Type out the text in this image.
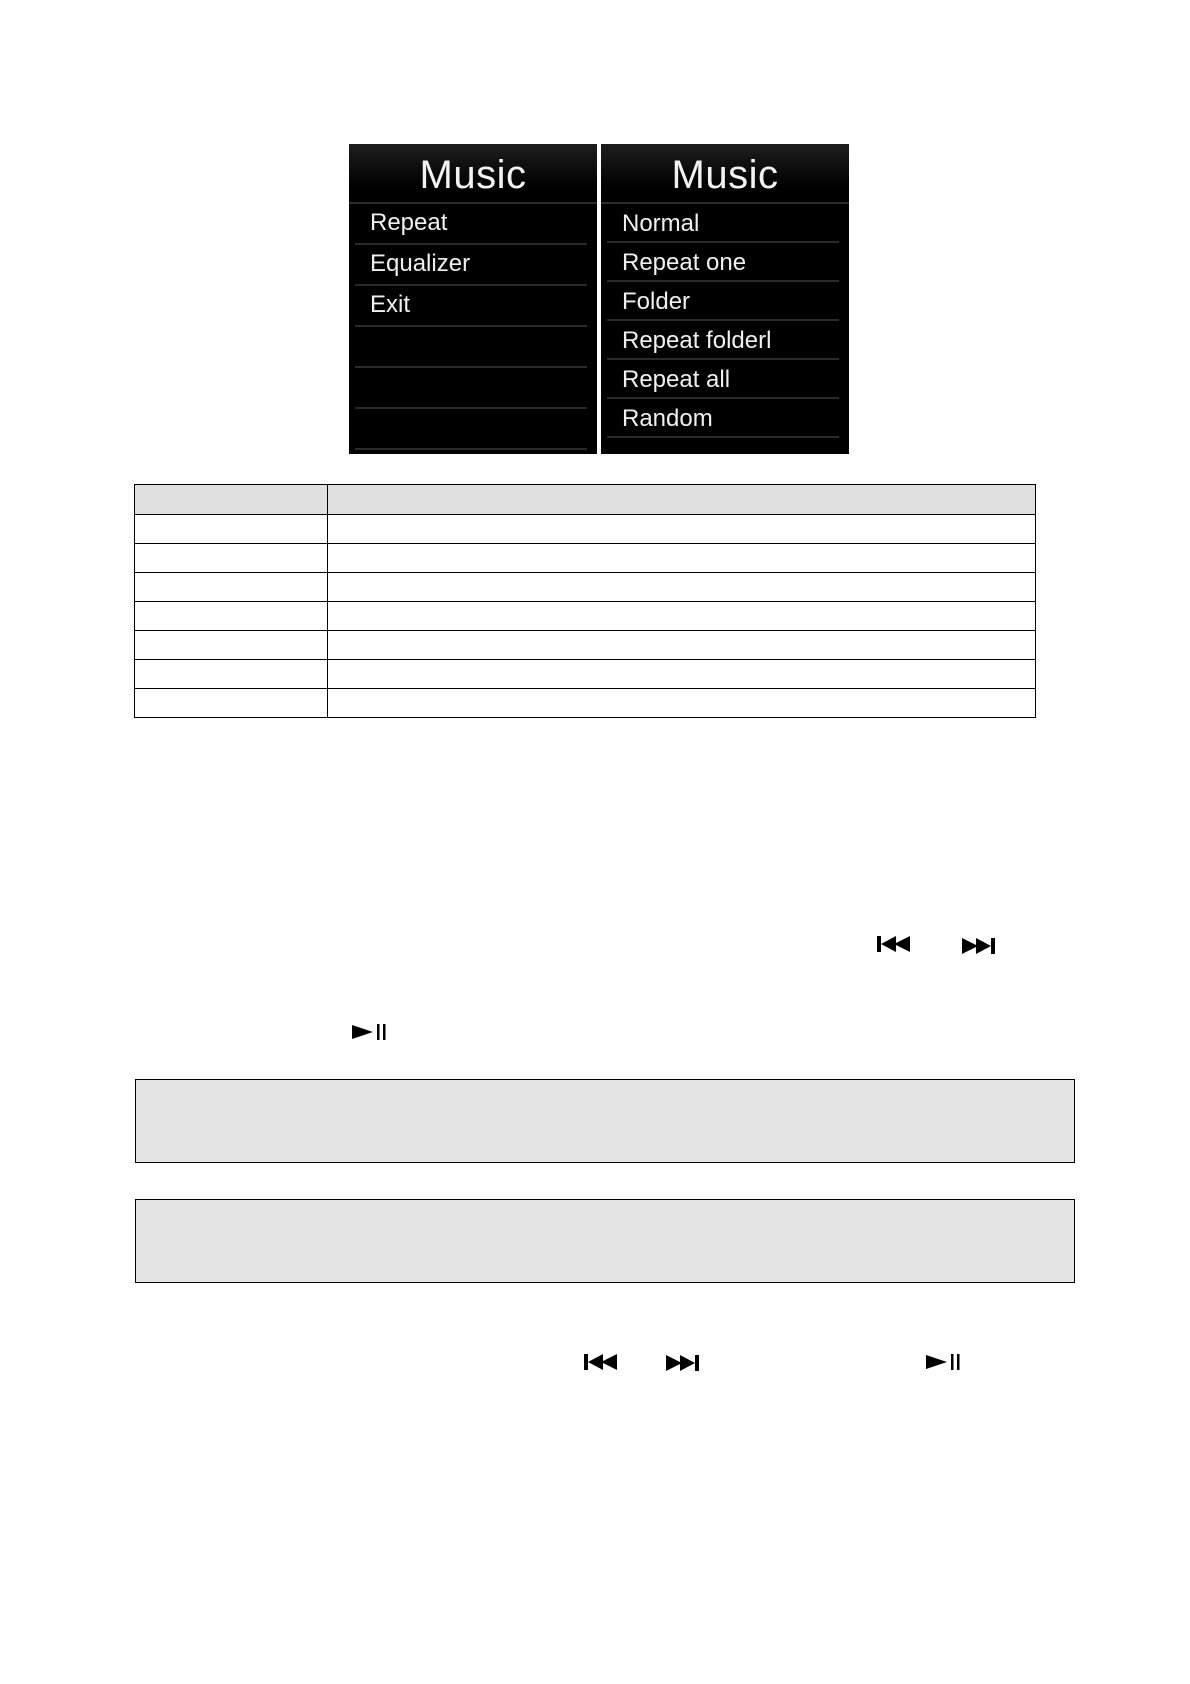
Music
Repeat
Equalizer
Exit
Music
Normal
Repeat one
Folder
Repeat folderl
Repeat all
Random
